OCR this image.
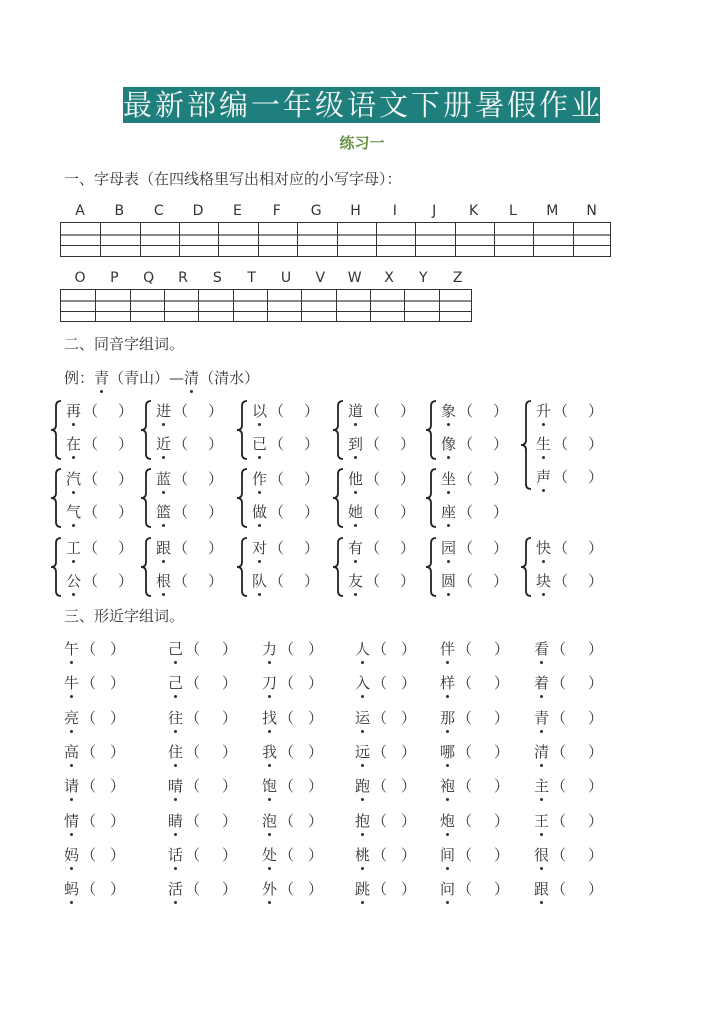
最新部编一年级语文下册暑假作业
练习一
一、字母表（在四线格里写出相对应的小写字母）：
A B C D E F G H I	J K L M N
O P Q R S T U V W X Y Z
二、同音字组词。
例：青（青山）—清（清水）
再 （ ）
在 （ ）
进 （ ）
近 （ ）
以 （ ）
已 （ ）
道 （ ）
到 （ ）
象 （ ）
像 （ ）
升 （ ）
生 （ ）
声 （ ）
汽 （ ）
气 （ ）
蓝 （ ）
篮 （ ）
作 （ ）
做 （ ）
他 （ ）
她 （ ）
坐 （ ）
座 （ ）
工 （ ）
公 （ ）
跟 （ ）
根 （ ）
对 （ ）
队 （ ）
有 （ ）
友 （ ）
园 （ ）
圆 （ ）
快 （ ）
块 （ ）
三、形近字组词。
午 （ ）	己 （ ） 力 （ ） 人 （ ） 伴 （ ） 看 （ ）
牛 （ ）	己 （ ） 刀 （ ） 入 （ ） 样 （ ） 着 （ ）
亮 （ ）	往 （ ） 找 （ ） 运 （ ） 那 （ ） 青 （ ）
高 （ ）	住 （ ） 我 （ ） 远 （ ） 哪 （ ） 清 （ ）
请 （ ）	晴 （ ） 饱 （ ） 跑 （ ） 袍 （ ） 主 （ ）
情 （ ）	睛 （ ） 泡 （ ） 抱 （ ） 炮 （ ） 王 （ ）
妈 （ ）	话 （ ） 处 （ ） 桃 （ ） 间 （ ） 很 （ ）
蚂 （ ）	活 （ ） 外 （ ） 跳 （ ） 问 （ ） 跟 （ ）
